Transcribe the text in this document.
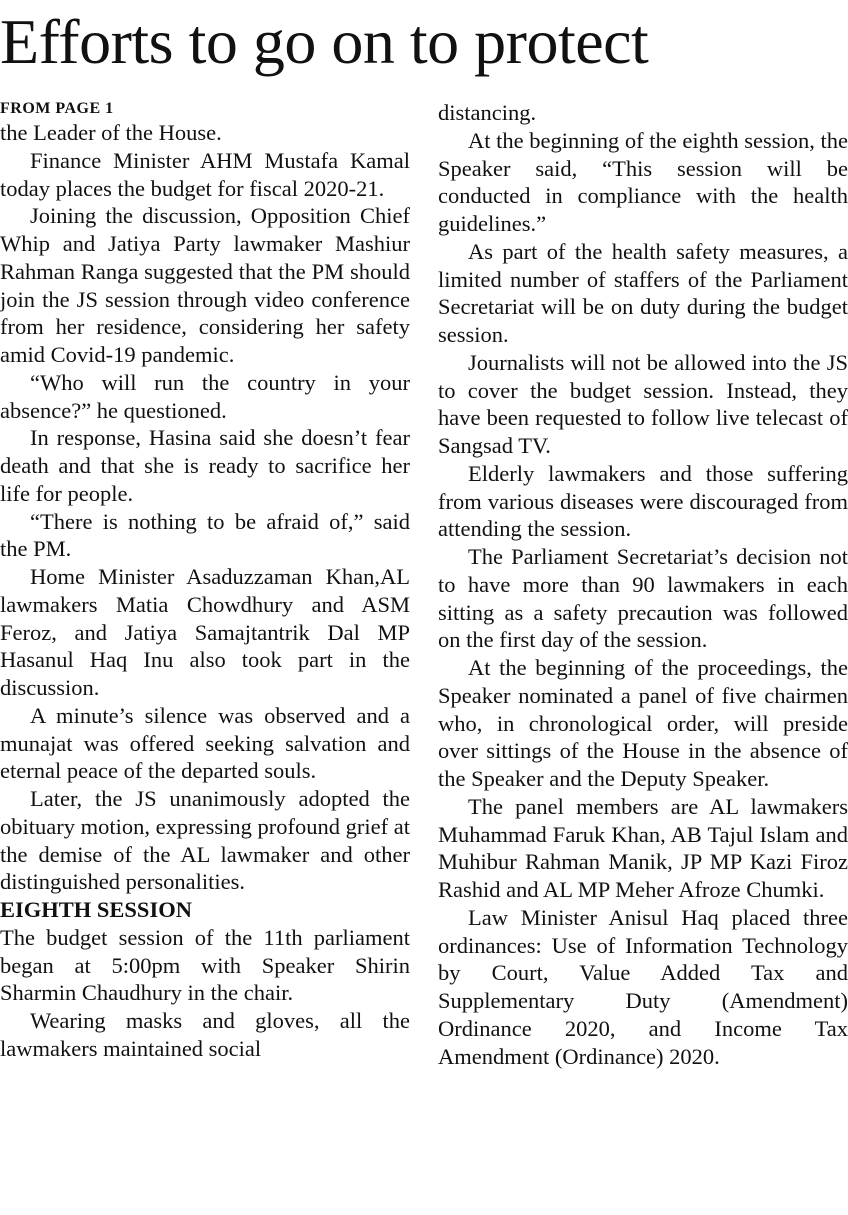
Efforts to go on to protect
FROM PAGE 1

the Leader of the House.

Finance Minister AHM Mustafa Kamal today places the budget for fiscal 2020-21.

Joining the discussion, Opposition Chief Whip and Jatiya Party lawmaker Mashiur Rahman Ranga suggested that the PM should join the JS session through video conference from her residence, considering her safety amid Covid-19 pandemic.

“Who will run the country in your absence?” he questioned.

In response, Hasina said she doesn’t fear death and that she is ready to sacrifice her life for people.

“There is nothing to be afraid of,” said the PM.

Home Minister Asaduzzaman Khan,AL lawmakers Matia Chowdhury and ASM Feroz, and Jatiya Samajtantrik Dal MP Hasanul Haq Inu also took part in the discussion.

A minute’s silence was observed and a munajat was offered seeking salvation and eternal peace of the departed souls.

Later, the JS unanimously adopted the obituary motion, expressing profound grief at the demise of the AL lawmaker and other distinguished personalities.

EIGHTH SESSION

The budget session of the 11th parliament began at 5:00pm with Speaker Shirin Sharmin Chaudhury in the chair.

Wearing masks and gloves, all the lawmakers maintained social

distancing.

At the beginning of the eighth session, the Speaker said, “This session will be conducted in compliance with the health guidelines.”

As part of the health safety measures, a limited number of staffers of the Parliament Secretariat will be on duty during the budget session.

Journalists will not be allowed into the JS to cover the budget session. Instead, they have been requested to follow live telecast of Sangsad TV.

Elderly lawmakers and those suffering from various diseases were discouraged from attending the session.

The Parliament Secretariat’s decision not to have more than 90 lawmakers in each sitting as a safety precaution was followed on the first day of the session.

At the beginning of the proceedings, the Speaker nominated a panel of five chairmen who, in chronological order, will preside over sittings of the House in the absence of the Speaker and the Deputy Speaker.

The panel members are AL lawmakers Muhammad Faruk Khan, AB Tajul Islam and Muhibur Rahman Manik, JP MP Kazi Firoz Rashid and AL MP Meher Afroze Chumki.

Law Minister Anisul Haq placed three ordinances: Use of Information Technology by Court, Value Added Tax and Supplementary Duty (Amendment) Ordinance 2020, and Income Tax Amendment (Ordinance) 2020.
